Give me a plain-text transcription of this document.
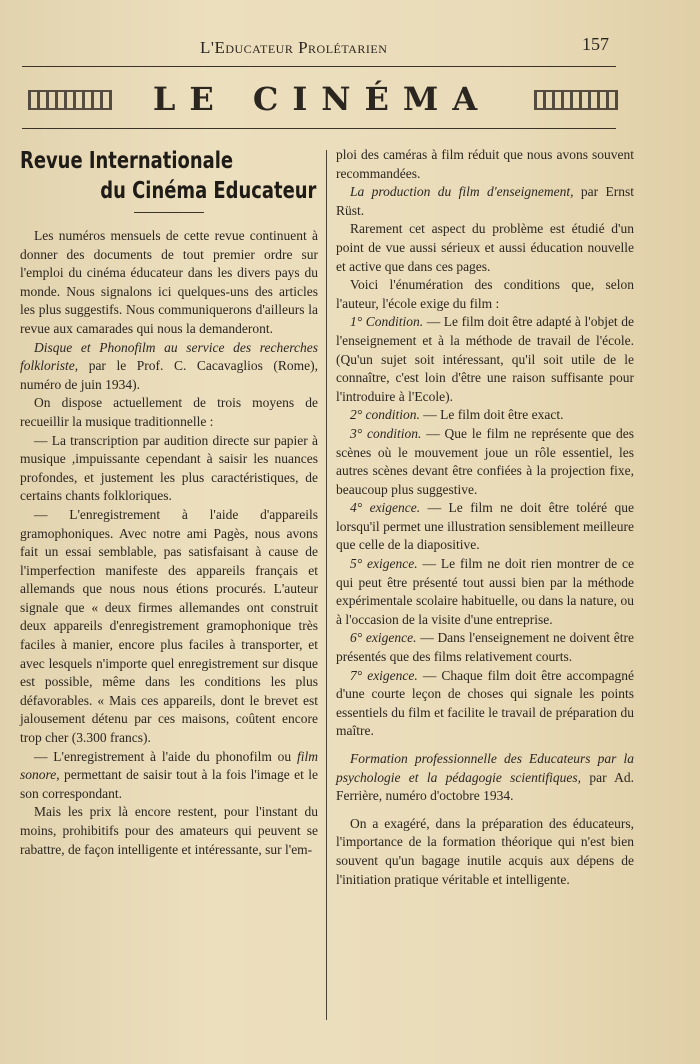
L'Educateur Prolétarien	157
LE CINÉMA
Revue Internationale
du Cinéma Educateur

Les numéros mensuels de cette revue continuent à donner des documents de tout premier ordre sur l'emploi du cinéma éducateur dans les divers pays du monde. Nous signalons ici quelques-uns des articles les plus suggestifs. Nous communiquerons d'ailleurs la revue aux camarades qui nous la demanderont.

Disque et Phonofilm au service des recherches folkloriste, par le Prof. C. Cacavaglios (Rome), numéro de juin 1934).

On dispose actuellement de trois moyens de recueillir la musique traditionnelle :

— La transcription par audition directe sur papier à musique ,impuissante cependant à saisir les nuances profondes, et justement les plus caractéristiques, de certains chants folkloriques.

— L'enregistrement à l'aide d'appareils gramophoniques. Avec notre ami Pagès, nous avons fait un essai semblable, pas satisfaisant à cause de l'imperfection manifeste des appareils français et allemands que nous nous étions procurés. L'auteur signale que « deux firmes allemandes ont construit deux appareils d'enregistrement gramophonique très faciles à manier, encore plus faciles à transporter, et avec lesquels n'importe quel enregistrement sur disque est possible, même dans les conditions les plus défavorables. « Mais ces appareils, dont le brevet est jalousement détenu par ces maisons, coûtent encore trop cher (3.300 francs).

— L'enregistrement à l'aide du phonofilm ou film sonore, permettant de saisir tout à la fois l'image et le son correspondant.

Mais les prix là encore restent, pour l'instant du moins, prohibitifs pour des amateurs qui peuvent se rabattre, de façon intelligente et intéressante, sur l'em-

ploi des caméras à film réduit que nous avons souvent recommandées.

La production du film d'enseignement, par Ernst Rüst.

Rarement cet aspect du problème est étudié d'un point de vue aussi sérieux et aussi éducation nouvelle et active que dans ces pages.

Voici l'énumération des conditions que, selon l'auteur, l'école exige du film :

1° Condition. — Le film doit être adapté à l'objet de l'enseignement et à la méthode de travail de l'école. (Qu'un sujet soit intéressant, qu'il soit utile de le connaître, c'est loin d'être une raison suffisante pour l'introduire à l'Ecole).

2° condition. — Le film doit être exact.

3° condition. — Que le film ne représente que des scènes où le mouvement joue un rôle essentiel, les autres scènes devant être confiées à la projection fixe, beaucoup plus suggestive.

4° exigence. — Le film ne doit être toléré que lorsqu'il permet une illustration sensiblement meilleure que celle de la diapositive.

5° exigence. — Le film ne doit rien montrer de ce qui peut être présenté tout aussi bien par la méthode expérimentale scolaire habituelle, ou dans la nature, ou à l'occasion de la visite d'une entreprise.

6° exigence. — Dans l'enseignement ne doivent être présentés que des films relativement courts.

7° exigence. — Chaque film doit être accompagné d'une courte leçon de choses qui signale les points essentiels du film et facilite le travail de préparation du maître.

Formation professionnelle des Educateurs par la psychologie et la pédagogie scientifiques, par Ad. Ferrière, numéro d'octobre 1934.

On a exagéré, dans la préparation des éducateurs, l'importance de la formation théorique qui n'est bien souvent qu'un bagage inutile acquis aux dépens de l'initiation pratique véritable et intelligente.
